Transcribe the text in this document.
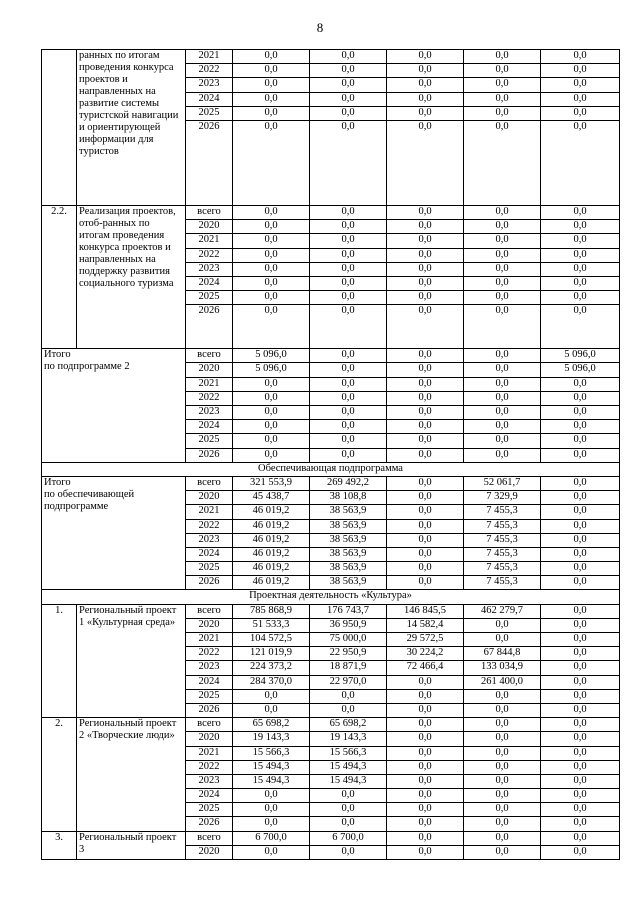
8
	ранных по итогам проведения конкурса проектов и направленных на развитие системы туристской навигации и ориентирующей информации для туристов	2021	0,0	0,0	0,0	0,0	0,0
		2022	0,0	0,0	0,0	0,0	0,0
		2023	0,0	0,0	0,0	0,0	0,0
		2024	0,0	0,0	0,0	0,0	0,0
		2025	0,0	0,0	0,0	0,0	0,0
		2026	0,0	0,0	0,0	0,0	0,0
2.2.	Реализация проектов, отоб-ранных по итогам проведения конкурса проектов и направленных на поддержку развития социального туризма	всего	0,0	0,0	0,0	0,0	0,0
		2020	0,0	0,0	0,0	0,0	0,0
		2021	0,0	0,0	0,0	0,0	0,0
		2022	0,0	0,0	0,0	0,0	0,0
		2023	0,0	0,0	0,0	0,0	0,0
		2024	0,0	0,0	0,0	0,0	0,0
		2025	0,0	0,0	0,0	0,0	0,0
		2026	0,0	0,0	0,0	0,0	0,0
Итого
по подпрограмме 2		всего	5 096,0	0,0	0,0	0,0	5 096,0
		2020	5 096,0	0,0	0,0	0,0	5 096,0
		2021	0,0	0,0	0,0	0,0	0,0
		2022	0,0	0,0	0,0	0,0	0,0
		2023	0,0	0,0	0,0	0,0	0,0
		2024	0,0	0,0	0,0	0,0	0,0
		2025	0,0	0,0	0,0	0,0	0,0
		2026	0,0	0,0	0,0	0,0	0,0
Обеспечивающая подпрограмма							
Итого
по обеспечивающей подпрограмме		всего	321 553,9	269 492,2	0,0	52 061,7	0,0
		2020	45 438,7	38 108,8	0,0	7 329,9	0,0
		2021	46 019,2	38 563,9	0,0	7 455,3	0,0
		2022	46 019,2	38 563,9	0,0	7 455,3	0,0
		2023	46 019,2	38 563,9	0,0	7 455,3	0,0
		2024	46 019,2	38 563,9	0,0	7 455,3	0,0
		2025	46 019,2	38 563,9	0,0	7 455,3	0,0
		2026	46 019,2	38 563,9	0,0	7 455,3	0,0
Проектная деятельность «Культура»							
1.	Региональный проект 1 «Культурная среда»	всего	785 868,9	176 743,7	146 845,5	462 279,7	0,0
		2020	51 533,3	36 950,9	14 582,4	0,0	0,0
		2021	104 572,5	75 000,0	29 572,5	0,0	0,0
		2022	121 019,9	22 950,9	30 224,2	67 844,8	0,0
		2023	224 373,2	18 871,9	72 466,4	133 034,9	0,0
		2024	284 370,0	22 970,0	0,0	261 400,0	0,0
		2025	0,0	0,0	0,0	0,0	0,0
		2026	0,0	0,0	0,0	0,0	0,0
2.	Региональный проект 2 «Творческие люди»	всего	65 698,2	65 698,2	0,0	0,0	0,0
		2020	19 143,3	19 143,3	0,0	0,0	0,0
		2021	15 566,3	15 566,3	0,0	0,0	0,0
		2022	15 494,3	15 494,3	0,0	0,0	0,0
		2023	15 494,3	15 494,3	0,0	0,0	0,0
		2024	0,0	0,0	0,0	0,0	0,0
		2025	0,0	0,0	0,0	0,0	0,0
		2026	0,0	0,0	0,0	0,0	0,0
3.	Региональный проект 3	всего	6 700,0	6 700,0	0,0	0,0	0,0
		2020	0,0	0,0	0,0	0,0	0,0
